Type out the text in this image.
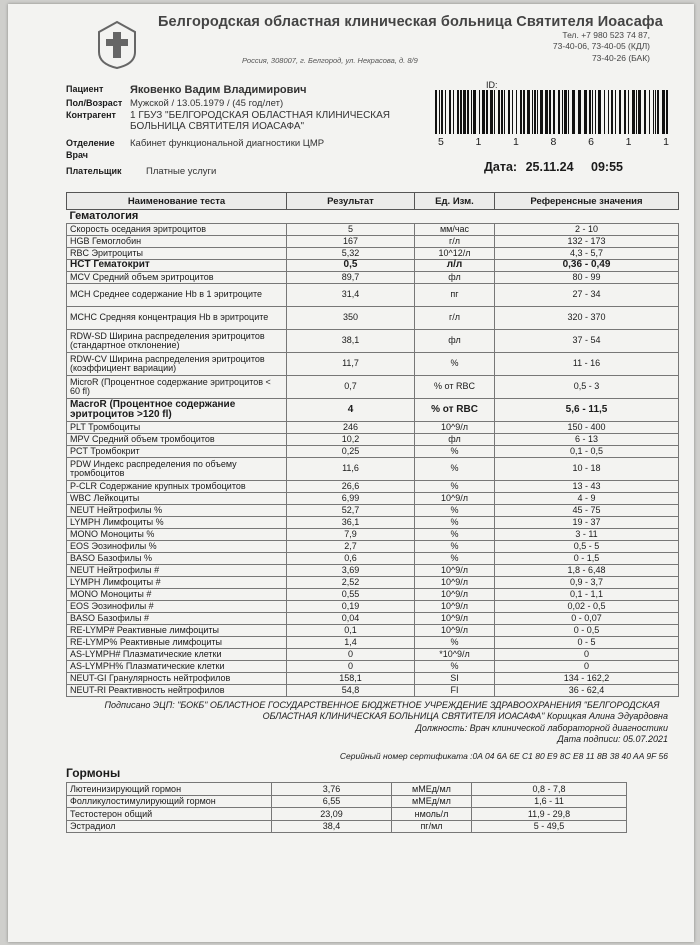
Белгородская областная клиническая больница Святителя Иоасафа
Россия, 308007, г. Белгород, ул. Некрасова, д. 8/9
Тел. +7 980 523 74 87,
73-40-06, 73-40-05 (КДЛ)
73-40-26 (БАК)
Пациент	Яковенко Вадим Владимирович
Пол/Возраст Мужской / 13.05.1979 / (45 год/лет)
Контрагент	1 ГБУЗ "БЕЛГОРОДСКАЯ ОБЛАСТНАЯ КЛИНИЧЕСКАЯ
БОЛЬНИЦА СВЯТИТЕЛЯ ИОАСАФА"
Отделение	Кабинет функциональной диагностики ЦМР
Врач
Плательщик	Платные услуги
ID:
5	1	1	8	6	1	1
Дата: 25.11.24 09:55
Наименование теста	Результат	Ед. Изм.	Референсные значения
Гематология			
Скорость оседания эритроцитов	5	мм/час	2 - 10
HGB Гемоглобин	167	г/л	132 - 173
RBC Эритроциты	5,32	10^12/л	4,3 - 5,7
HCT Гематокрит	0,5	л/л	0,36 - 0,49
MCV Средний объем эритроцитов	89,7	фл	80 - 99
MCH Среднее содержание Hb в 1 эритроците	31,4	пг	27 - 34
MCHC Средняя концентрация Hb в эритроците	350	г/л	320 - 370
RDW-SD Ширина распределения эритроцитов (стандартное отклонение)	38,1	фл	37 - 54
RDW-CV Ширина распределения эритроцитов (коэффициент вариации)	11,7	%	11 - 16
MicroR (Процентное содержание эритроцитов < 60 fl)	0,7	% от RBC	0,5 - 3
MacroR (Процентное содержание эритроцитов >120 fl)	4	% от RBC	5,6 - 11,5
PLT Тромбоциты	246	10^9/л	150 - 400
MPV Средний объем тромбоцитов	10,2	фл	6 - 13
PCT Тромбокрит	0,25	%	0,1 - 0,5
PDW Индекс распределения по объему тромбоцитов	11,6	%	10 - 18
P-CLR Содержание крупных тромбоцитов	26,6	%	13 - 43
WBC Лейкоциты	6,99	10^9/л	4 - 9
NEUT Нейтрофилы %	52,7	%	45 - 75
LYMPH Лимфоциты %	36,1	%	19 - 37
MONO Моноциты %	7,9	%	3 - 11
EOS Эозинофилы %	2,7	%	0,5 - 5
BASO Базофилы %	0,6	%	0 - 1,5
NEUT Нейтрофилы #	3,69	10^9/л	1,8 - 6,48
LYMPH Лимфоциты #	2,52	10^9/л	0,9 - 3,7
MONO Моноциты #	0,55	10^9/л	0,1 - 1,1
EOS Эозинофилы #	0,19	10^9/л	0,02 - 0,5
BASO Базофилы #	0,04	10^9/л	0 - 0,07
RE-LYMP# Реактивные лимфоциты	0,1	10^9/л	0 - 0,5
RE-LYMP% Реактивные лимфоциты	1,4	%	0 - 5
AS-LYMPH# Плазматические клетки	0	*10^9/л	0
AS-LYMPH% Плазматические клетки	0	%	0
NEUT-GI Гранулярность нейтрофилов	158,1	SI	134 - 162,2
NEUT-RI Реактивность нейтрофилов	54,8	FI	36 - 62,4
Подписано ЭЦП: "БОКБ" ОБЛАСТНОЕ ГОСУДАРСТВЕННОЕ БЮДЖЕТНОЕ УЧРЕЖДЕНИЕ ЗДРАВООХРАНЕНИЯ "БЕЛГОРОДСКАЯ
ОБЛАСТНАЯ КЛИНИЧЕСКАЯ БОЛЬНИЦА СВЯТИТЕЛЯ ИОАСАФА" Корицкая Алина Эдуардовна
Должность: Врач клинической лабораторной диагностики
Дата подписи: 05.07.2021
Серийный номер сертификата :0A 04 6A 6E C1 80 E9 8C E8 11 8B 38 40 AA 9F 56
Гормоны
Лютеинизирующий гормон	3,76	мМЕд/мл	0,8 - 7,8
Фолликулостимулирующий гормон	6,55	мМЕд/мл	1,6 - 11
Тестостерон общий	23,09	нмоль/л	11,9 - 29,8
Эстрадиол	38,4	пг/мл	5 - 49,5
